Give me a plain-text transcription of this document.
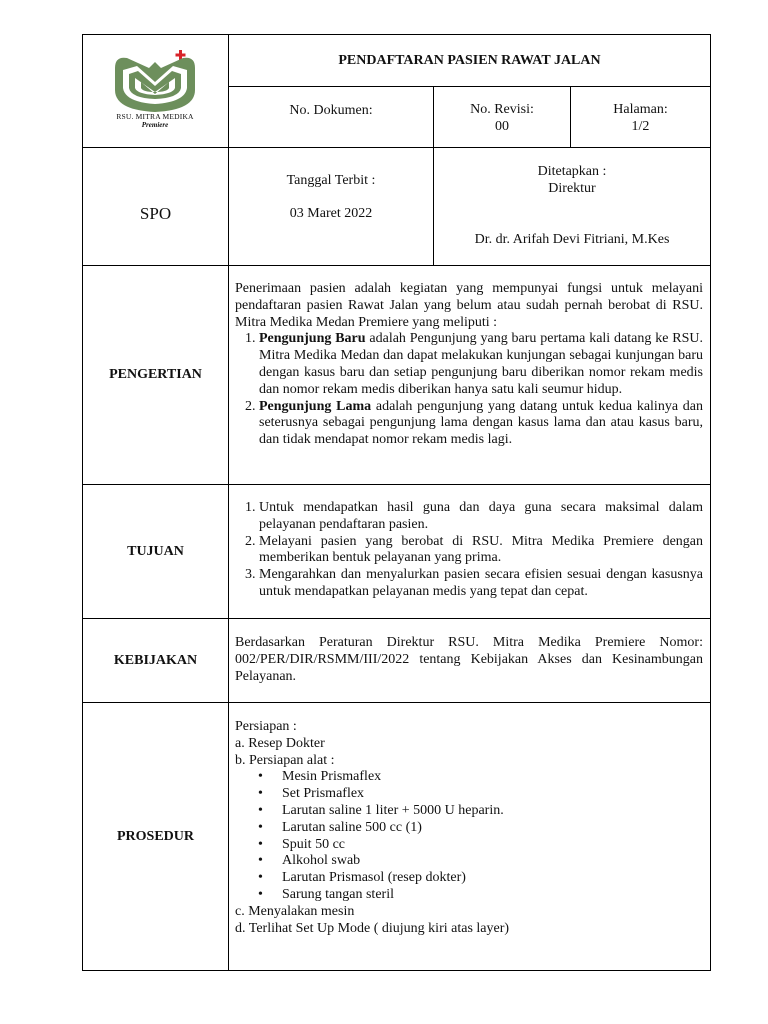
RSU. MITRA MEDIKA
Premiere
PENDAFTARAN PASIEN RAWAT JALAN
No. Dokumen:	No. Revisi:
00
Halaman:
1/2
SPO
Tanggal Terbit :
03 Maret 2022
Ditetapkan :
Direktur
Dr. dr. Arifah Devi Fitriani, M.Kes
PENGERTIAN
Penerimaan pasien adalah kegiatan yang mempunyai fungsi untuk melayani pendaftaran pasien Rawat Jalan yang belum atau sudah pernah berobat di RSU. Mitra Medika Medan Premiere yang meliputi :
1. Pengunjung Baru adalah Pengunjung yang baru pertama kali datang ke RSU. Mitra Medika Medan dan dapat melakukan kunjungan sebagai kunjungan baru dengan kasus baru dan setiap pengunjung baru diberikan nomor rekam medis dan nomor rekam medis diberikan hanya satu kali seumur hidup.
2. Pengunjung Lama adalah pengunjung yang datang untuk kedua kalinya dan seterusnya sebagai pengunjung lama dengan kasus lama dan atau kasus baru, dan tidak mendapat nomor rekam medis lagi.
TUJUAN
1. Untuk mendapatkan hasil guna dan daya guna secara maksimal dalam pelayanan pendaftaran pasien.
2. Melayani pasien yang berobat di RSU. Mitra Medika Premiere dengan memberikan bentuk pelayanan yang prima.
3. Mengarahkan dan menyalurkan pasien secara efisien sesuai dengan kasusnya untuk mendapatkan pelayanan medis yang tepat dan cepat.
KEBIJAKAN
Berdasarkan Peraturan Direktur RSU. Mitra Medika Premiere Nomor: 002/PER/DIR/RSMM/III/2022 tentang Kebijakan Akses dan Kesinambungan Pelayanan.
PROSEDUR

Persiapan :

a. Resep Dokter

b. Persiapan alat :

• Mesin Prismaflex
• Set Prismaflex
• Larutan saline 1 liter + 5000 U heparin.
• Larutan saline 500 cc (1)
• Spuit 50 cc
• Alkohol swab
• Larutan Prismasol (resep dokter)
• Sarung tangan steril

c. Menyalakan mesin

d. Terlihat Set Up Mode ( diujung kiri atas layer)
